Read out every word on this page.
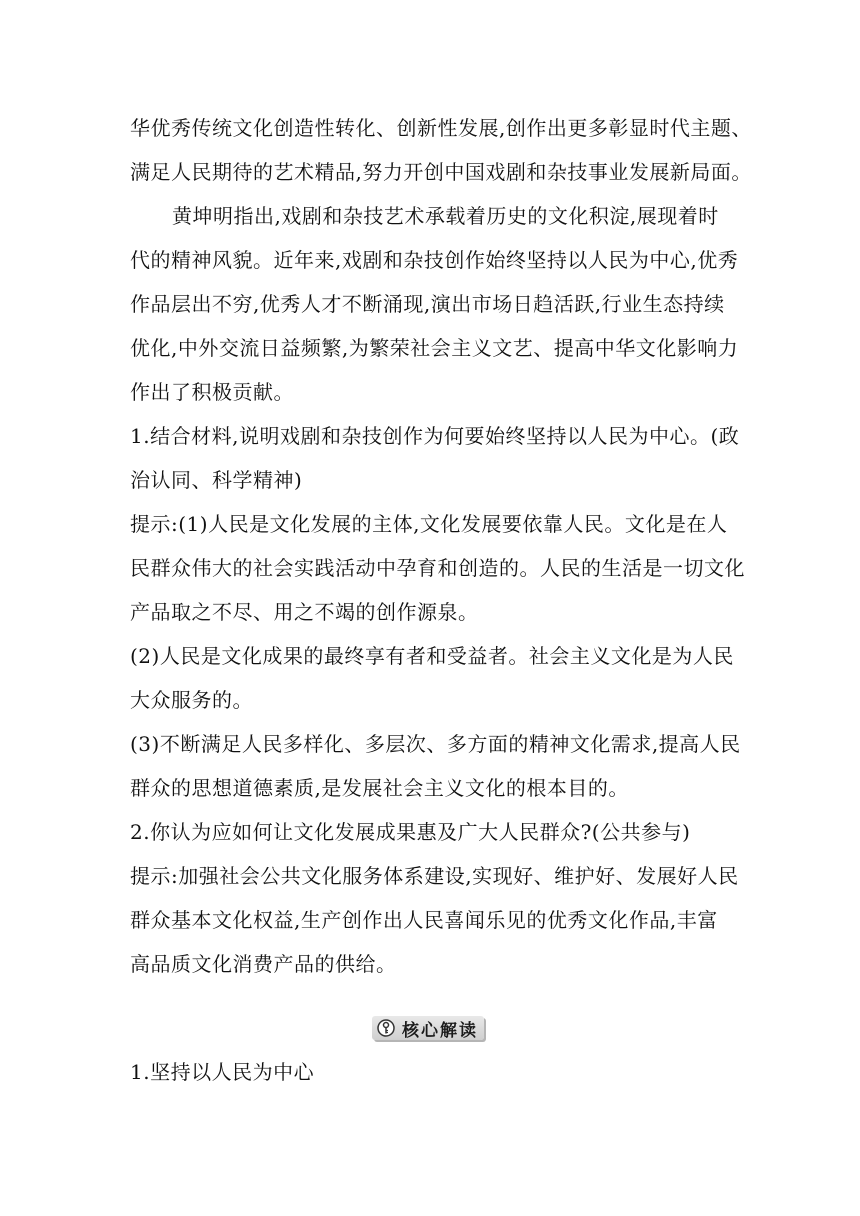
华优秀传统文化创造性转化、创新性发展,创作出更多彰显时代主题、
满足人民期待的艺术精品,努力开创中国戏剧和杂技事业发展新局面。
黄坤明指出,戏剧和杂技艺术承载着历史的文化积淀,展现着时
代的精神风貌。近年来,戏剧和杂技创作始终坚持以人民为中心,优秀
作品层出不穷,优秀人才不断涌现,演出市场日趋活跃,行业生态持续
优化,中外交流日益频繁,为繁荣社会主义文艺、提高中华文化影响力
作出了积极贡献。
1.结合材料,说明戏剧和杂技创作为何要始终坚持以人民为中心。(政
治认同、科学精神)
提示:(1)人民是文化发展的主体,文化发展要依靠人民。文化是在人
民群众伟大的社会实践活动中孕育和创造的。人民的生活是一切文化
产品取之不尽、用之不竭的创作源泉。
(2)人民是文化成果的最终享有者和受益者。社会主义文化是为人民
大众服务的。
(3)不断满足人民多样化、多层次、多方面的精神文化需求,提高人民
群众的思想道德素质,是发展社会主义文化的根本目的。
2.你认为应如何让文化发展成果惠及广大人民群众?(公共参与)
提示:加强社会公共文化服务体系建设,实现好、维护好、发展好人民
群众基本文化权益,生产创作出人民喜闻乐见的优秀文化作品,丰富
高品质文化消费产品的供给。
核心解读
1.坚持以人民为中心
